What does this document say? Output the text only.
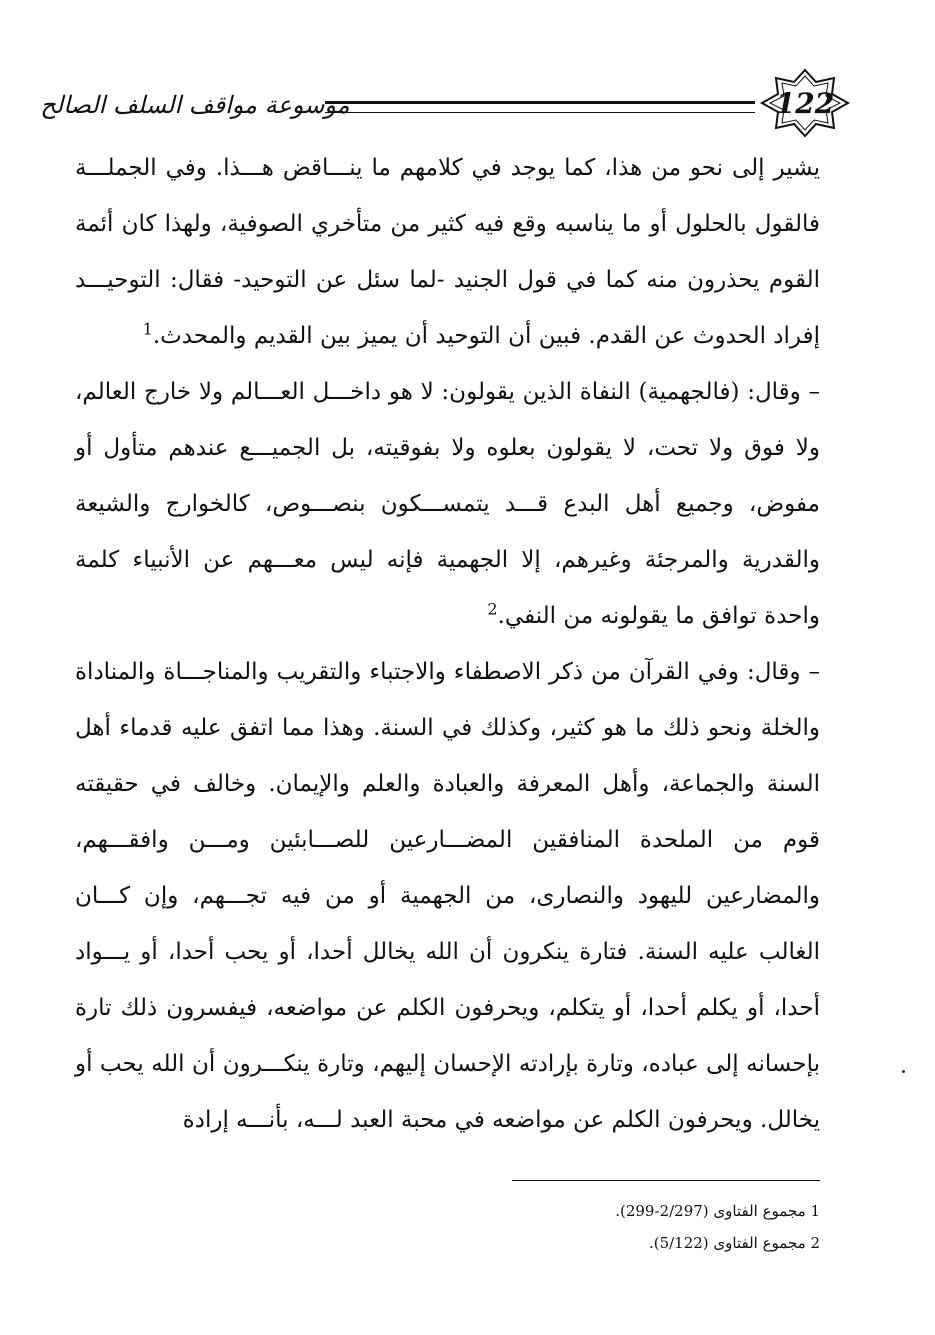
موسوعة مواقف السلف الصالح	122

يشير إلى نحو من هذا، كما يوجد في كلامهم ما ينـــاقض هـــذا. وفي الجملـــة فالقول بالحلول أو ما يناسبه وقع فيه كثير من متأخري الصوفية، ولهذا كان أئمة القوم يحذرون منه كما في قول الجنيد -لما سئل عن التوحيد- فقال: التوحيـــد إفراد الحدوث عن القدم. فبين أن التوحيد أن يميز بين القديم والمحدث.$^1$

– وقال: (فالجهمية) النفاة الذين يقولون: لا هو داخـــل العـــالم ولا خارج العالم، ولا فوق ولا تحت، لا يقولون بعلوه ولا بفوقيته، بل الجميـــع عندهم متأول أو مفوض، وجميع أهل البدع قـــد يتمســـكون بنصـــوص، كالخوارج والشيعة والقدرية والمرجئة وغيرهم، إلا الجهمية فإنه ليس معـــهم عن الأنبياء كلمة واحدة توافق ما يقولونه من النفي.$^2$

– وقال: وفي القرآن من ذكر الاصطفاء والاجتباء والتقريب والمناجـــاة والمناداة والخلة ونحو ذلك ما هو كثير، وكذلك في السنة. وهذا مما اتفق عليه قدماء أهل السنة والجماعة، وأهل المعرفة والعبادة والعلم والإيمان. وخالف في حقيقته قوم من الملحدة المنافقين المضـــارعين للصـــابئين ومـــن وافقـــهم، والمضارعين لليهود والنصارى، من الجهمية أو من فيه تجـــهم، وإن كـــان الغالب عليه السنة. فتارة ينكرون أن الله يخالل أحدا، أو يحب أحدا، أو يـــواد أحدا، أو يكلم أحدا، أو يتكلم، ويحرفون الكلم عن مواضعه، فيفسرون ذلك تارة بإحسانه إلى عباده، وتارة بإرادته الإحسان إليهم، وتارة ينكـــرون أن الله يحب أو يخالل. ويحرفون الكلم عن مواضعه في محبة العبد لـــه، بأنـــه إرادة

1 مجموع الفتاوى (2/297-299).

2 مجموع الفتاوى (5/122).
